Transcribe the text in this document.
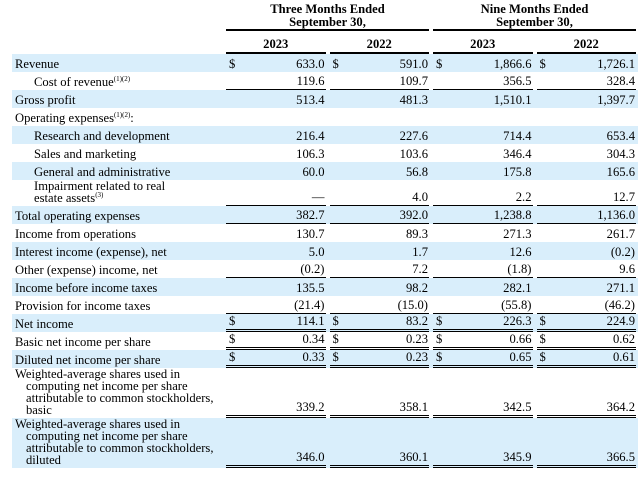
	Three Months Ended
September 30,		Nine Months Ended
September 30,	

	2023	2022	2023	2022

Revenue	$ 633.0	$ 591.0	$ 1,866.6	$ 1,726.1

Cost of revenue$^{(1)(2)}$	119.6	109.7	356.5	328.4

Gross profit	513.4	481.3	1,510.1	1,397.7

Operating expenses$^{(1)(2)}$:				

Research and development	216.4	227.6	714.4	653.4

Sales and marketing	106.3	103.6	346.4	304.3

General and administrative	60.0	56.8	175.8	165.6

Impairment related to real estate assets$^{(3)}$	—	4.0	2.2	12.7

Total operating expenses	382.7	392.0	1,238.8	1,136.0

Income from operations	130.7	89.3	271.3	261.7

Interest income (expense), net	5.0	1.7	12.6	(0.2)

Other (expense) income, net	(0.2)	7.2	(1.8)	9.6

Income before income taxes	135.5	98.2	282.1	271.1

Provision for income taxes	(21.4)	(15.0)	(55.8)	(46.2)

Net income	$ 114.1	$ 83.2	$ 226.3	$ 224.9

Basic net income per share	$ 0.34	$ 0.23	$ 0.66	$ 0.62

Diluted net income per share	$ 0.33	$ 0.23	$ 0.65	$ 0.61

Weighted-average shares used in computing net income per share attributable to common stockholders, basic	339.2	358.1	342.5	364.2

Weighted-average shares used in computing net income per share attributable to common stockholders, diluted	346.0	360.1	345.9	366.5
